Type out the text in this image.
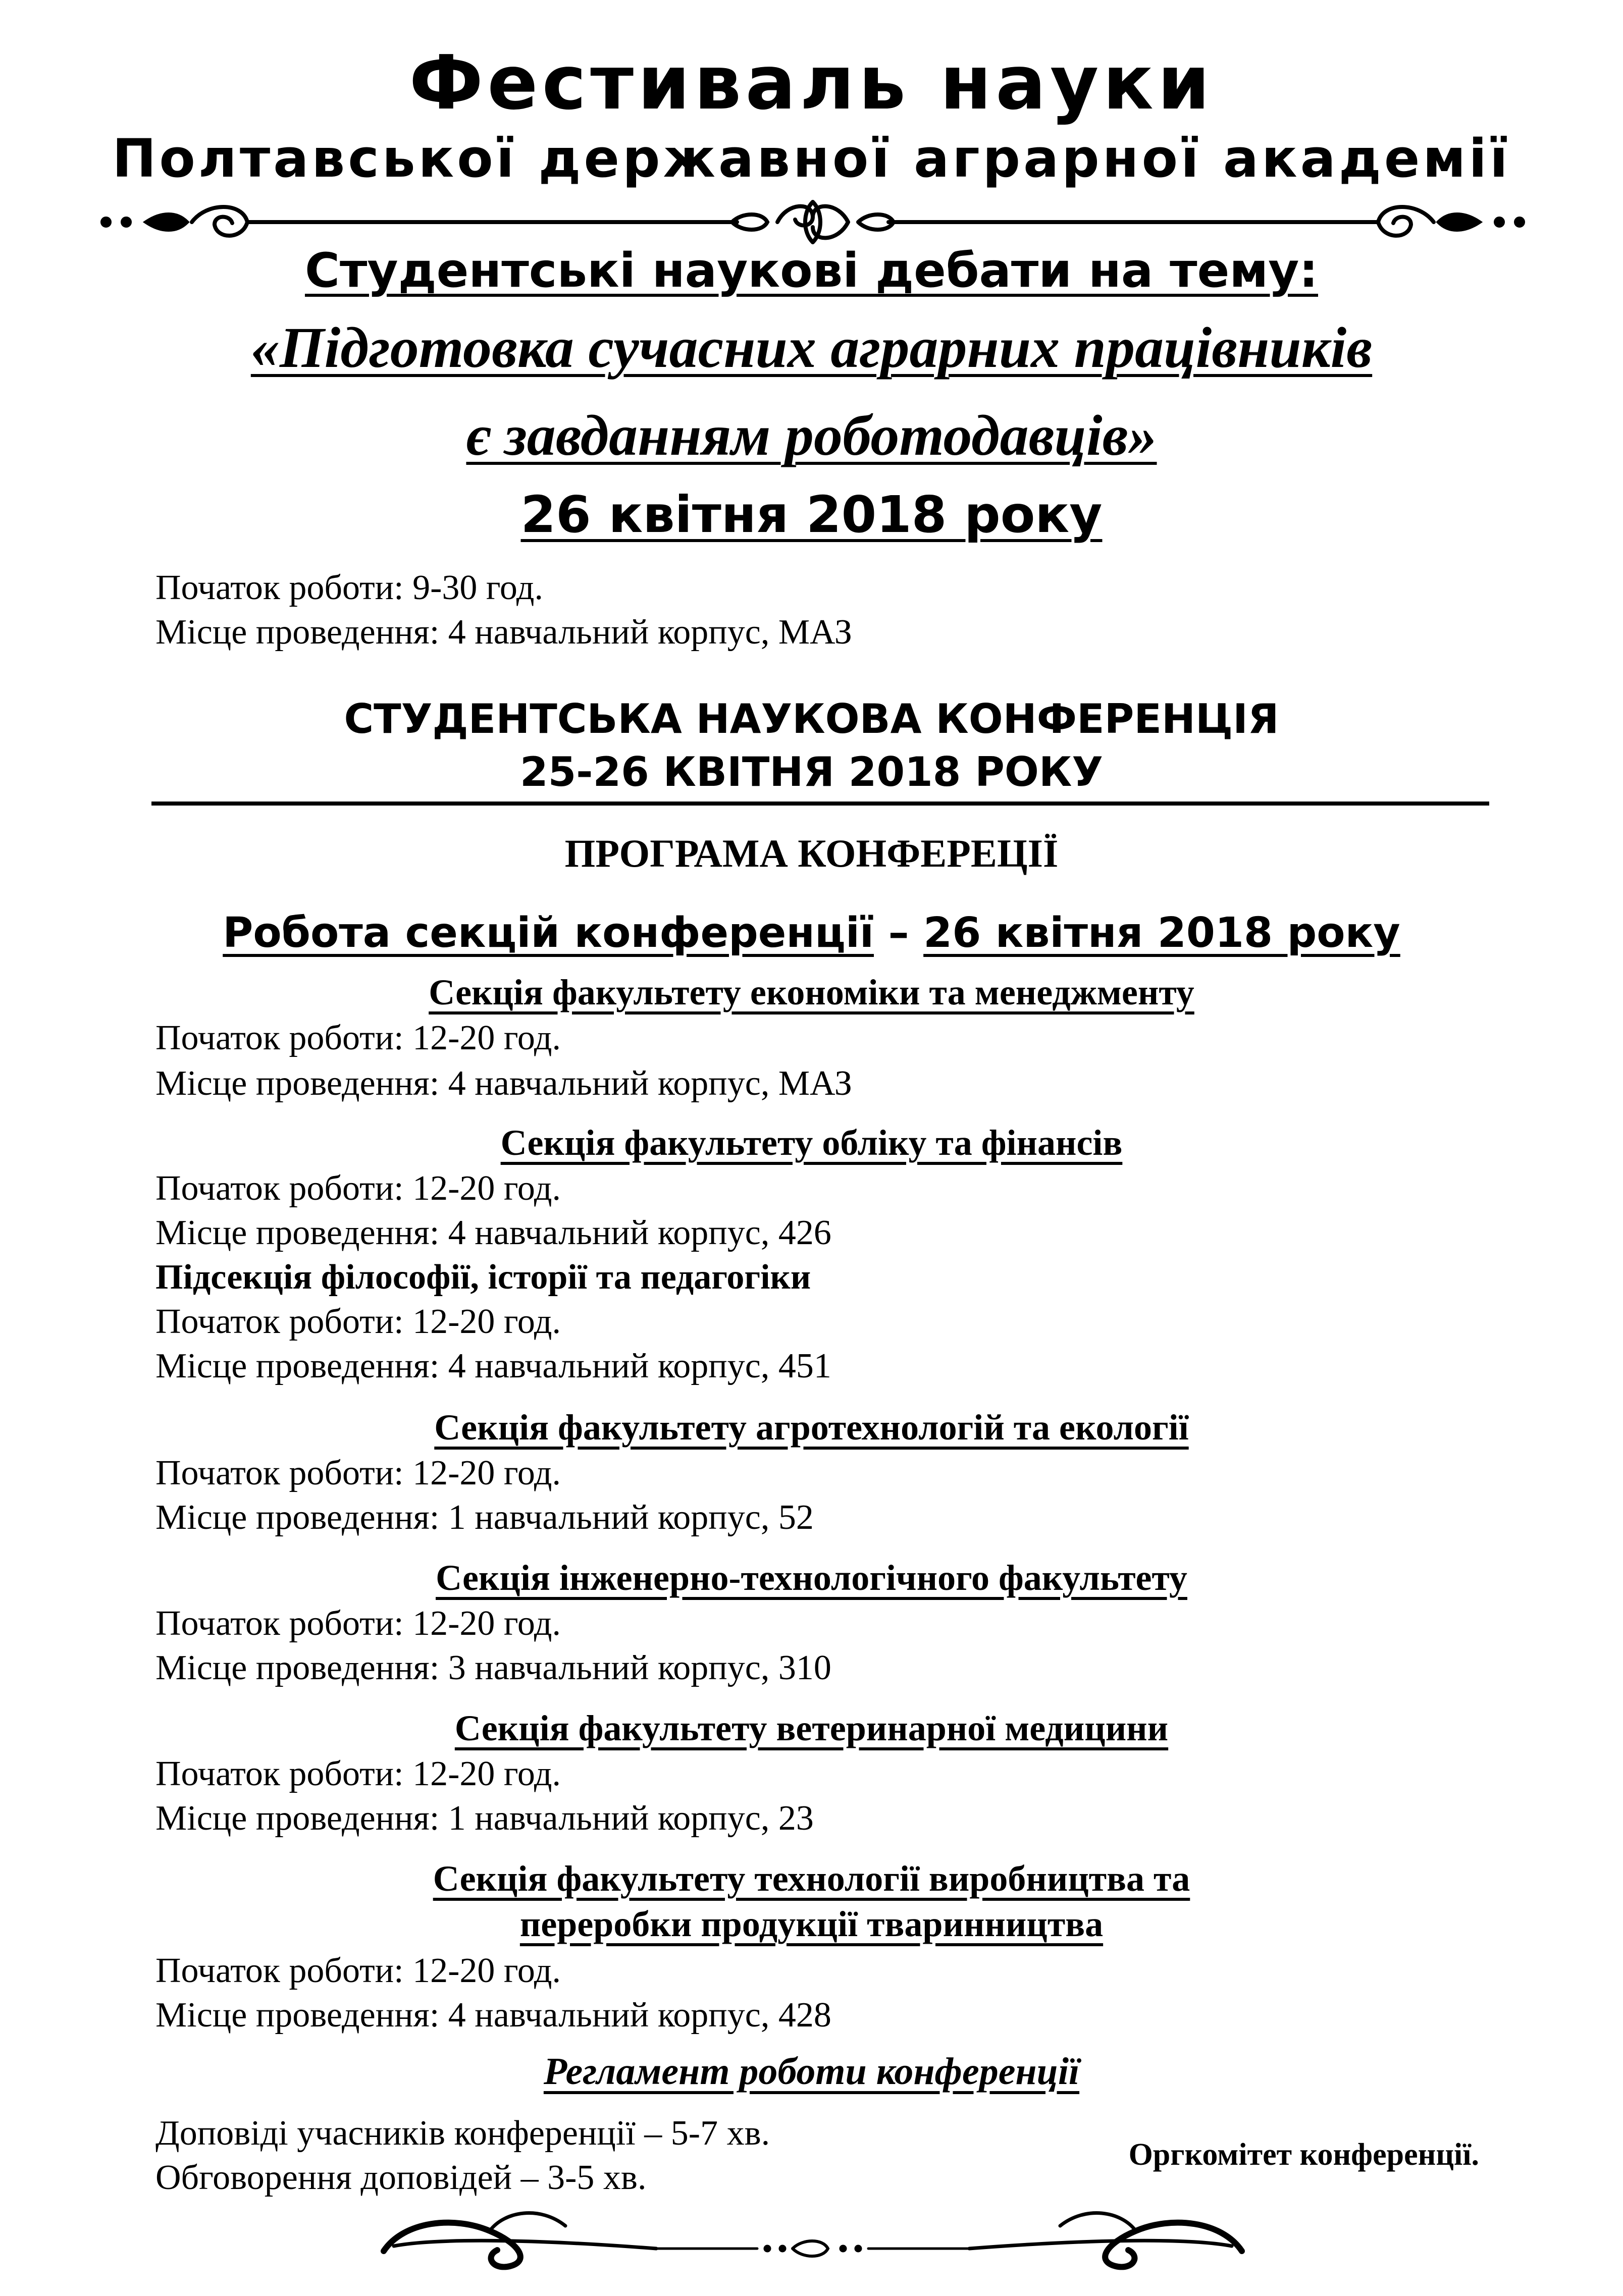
Фестиваль науки
Полтавської державної аграрної академії
Студентські наукові дебати на тему:
«Підготовка сучасних аграрних працівників
є завданням роботодавців»
26 квітня 2018 року
Початок роботи: 9-30 год.
Місце проведення: 4 навчальний корпус, МАЗ
СТУДЕНТСЬКА НАУКОВА КОНФЕРЕНЦІЯ
25-26 КВІТНЯ 2018 РОКУ
ПРОГРАМА КОНФЕРЕЦІЇ
Робота секцій конференції – 26 квітня 2018 року
Секція факультету економіки та менеджменту
Початок роботи: 12-20 год.
Місце проведення: 4 навчальний корпус, МАЗ
Секція факультету обліку та фінансів
Початок роботи: 12-20 год.
Місце проведення: 4 навчальний корпус, 426
Підсекція філософії, історії та педагогіки
Початок роботи: 12-20 год.
Місце проведення: 4 навчальний корпус, 451
Секція факультету агротехнологій та екології
Початок роботи: 12-20 год.
Місце проведення: 1 навчальний корпус, 52
Секція інженерно-технологічного факультету
Початок роботи: 12-20 год.
Місце проведення: 3 навчальний корпус, 310
Секція факультету ветеринарної медицини
Початок роботи: 12-20 год.
Місце проведення: 1 навчальний корпус, 23
Секція факультету технології виробництва та
переробки продукції тваринництва
Початок роботи: 12-20 год.
Місце проведення: 4 навчальний корпус, 428
Регламент роботи конференції
Доповіді учасників конференції – 5-7 хв.
Обговорення доповідей – 3-5 хв.
Оргкомітет конференції.
